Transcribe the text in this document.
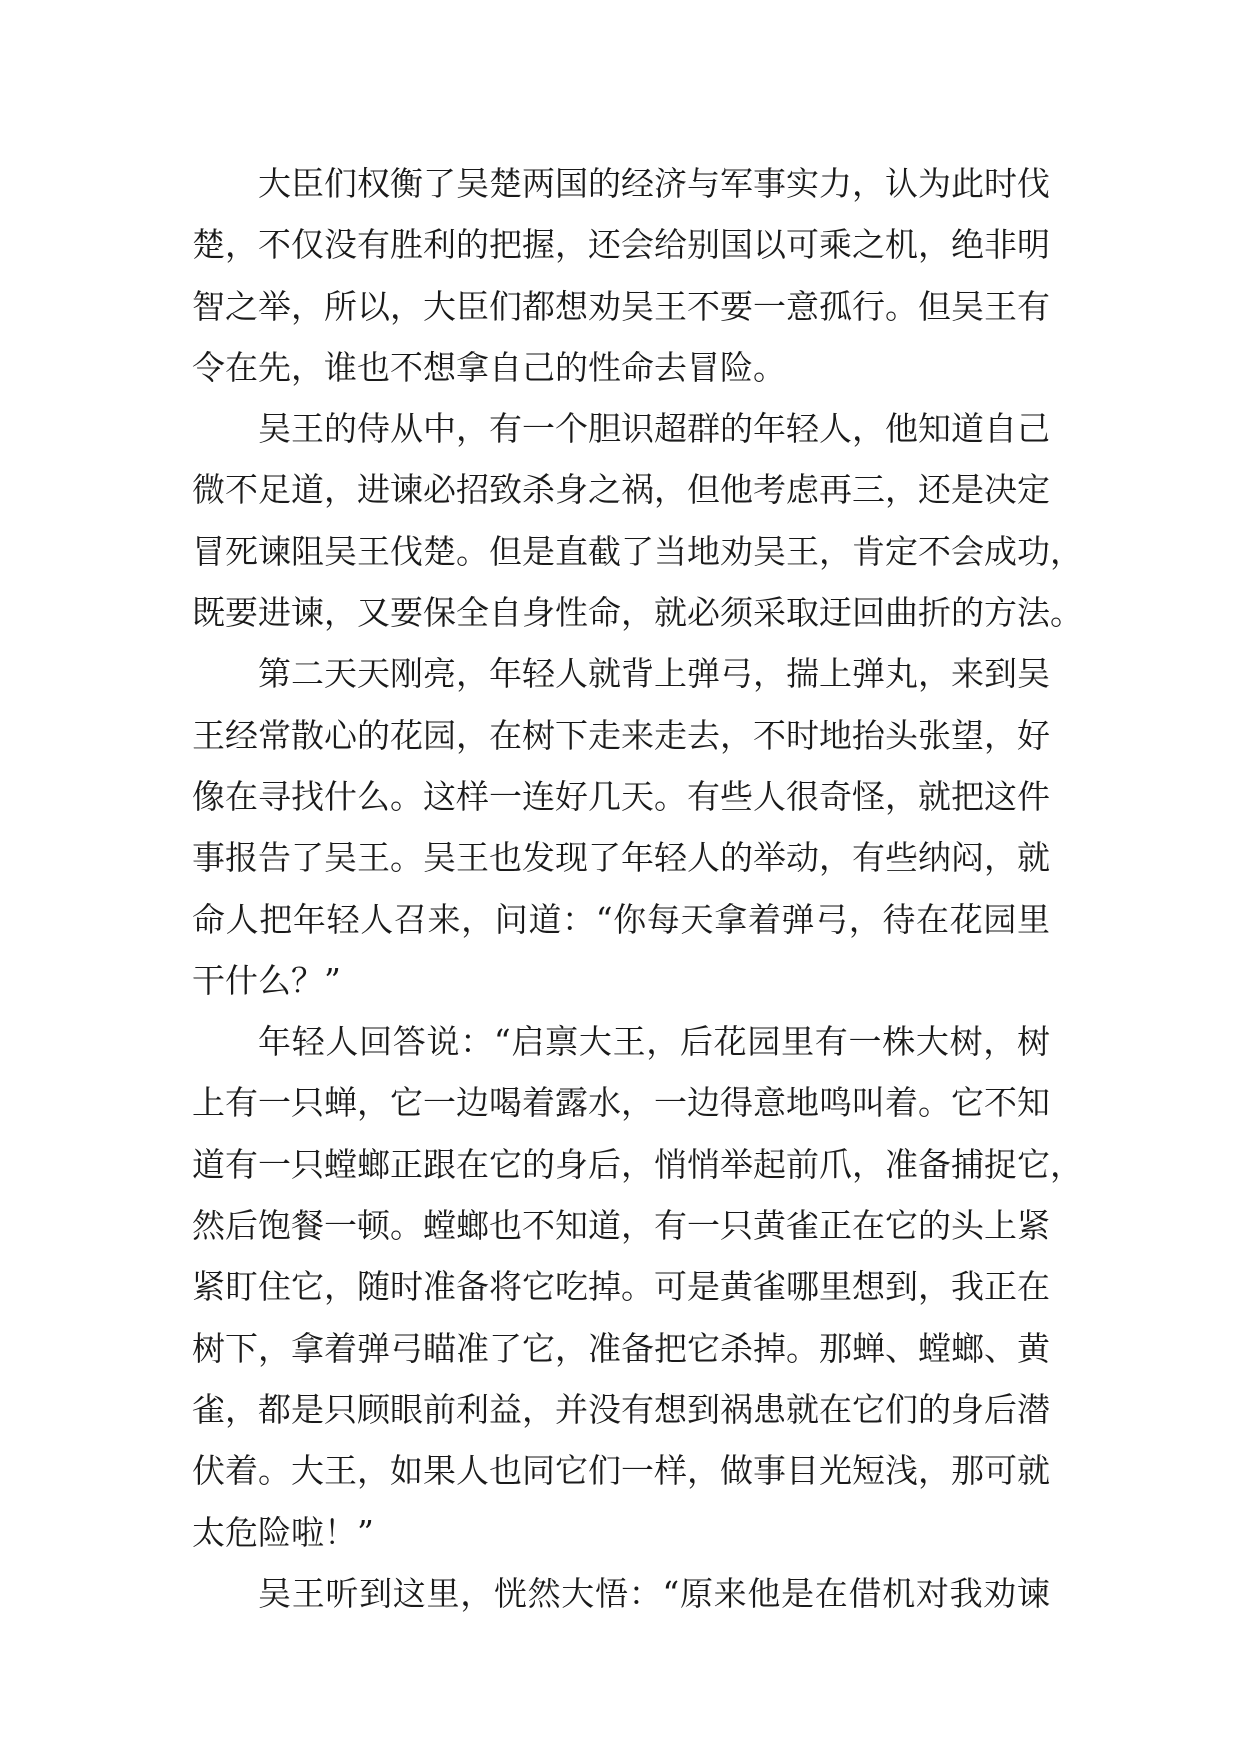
大臣们权衡了吴楚两国的经济与军事实力，认为此时伐
楚，不仅没有胜利的把握，还会给别国以可乘之机，绝非明
智之举，所以，大臣们都想劝吴王不要一意孤行。但吴王有
令在先，谁也不想拿自己的性命去冒险。
吴王的侍从中，有一个胆识超群的年轻人，他知道自己
微不足道，进谏必招致杀身之祸，但他考虑再三，还是决定
冒死谏阻吴王伐楚。但是直截了当地劝吴王，肯定不会成功，
既要进谏，又要保全自身性命，就必须采取迂回曲折的方法。
第二天天刚亮，年轻人就背上弹弓，揣上弹丸，来到吴
王经常散心的花园，在树下走来走去，不时地抬头张望，好
像在寻找什么。这样一连好几天。有些人很奇怪，就把这件
事报告了吴王。吴王也发现了年轻人的举动，有些纳闷，就
命人把年轻人召来，问道：“你每天拿着弹弓，待在花园里
干什么？”
年轻人回答说：“启禀大王，后花园里有一株大树，树
上有一只蝉，它一边喝着露水，一边得意地鸣叫着。它不知
道有一只螳螂正跟在它的身后，悄悄举起前爪，准备捕捉它，
然后饱餐一顿。螳螂也不知道，有一只黄雀正在它的头上紧
紧盯住它，随时准备将它吃掉。可是黄雀哪里想到，我正在
树下，拿着弹弓瞄准了它，准备把它杀掉。那蝉、螳螂、黄
雀，都是只顾眼前利益，并没有想到祸患就在它们的身后潜
伏着。大王，如果人也同它们一样，做事目光短浅，那可就
太危险啦！”
吴王听到这里，恍然大悟：“原来他是在借机对我劝谏
